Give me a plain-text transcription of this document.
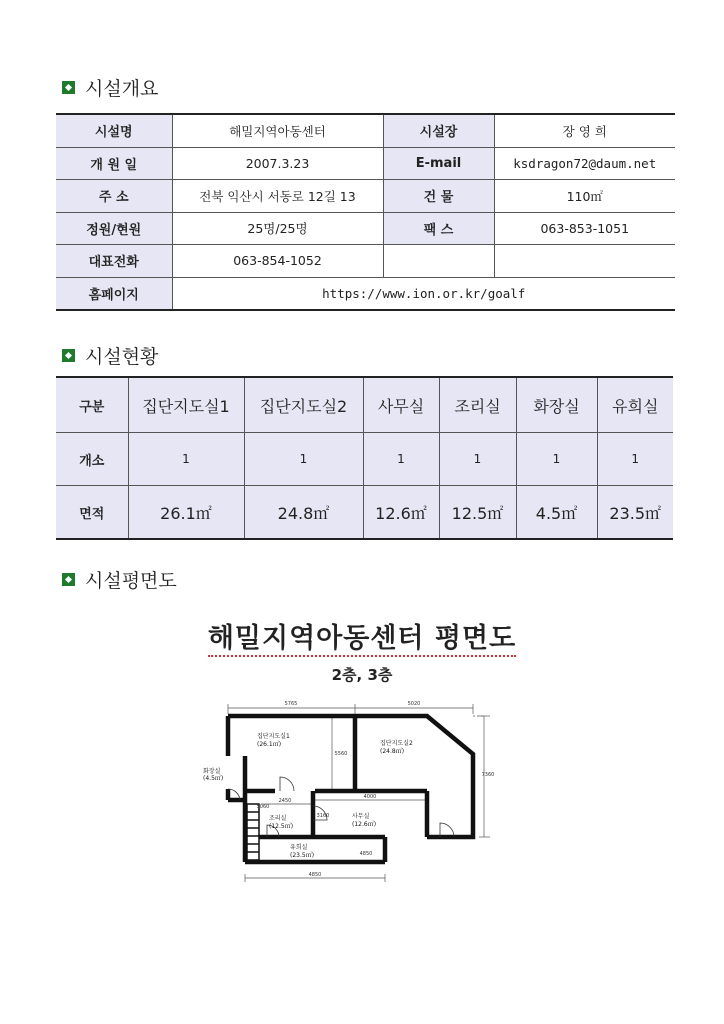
시설개요
시설명	해밀지역아동센터	시설장	장 영 희
개 원 일	2007.3.23	E-mail	ksdragon72@daum.net
주 소	전북 익산시 서동로 12길 13	건 물	110㎡
정원/현원	25명/25명	팩 스	063-853-1051
대표전화	063-854-1052		
홈페이지	https://www.ion.or.kr/goalf		
시설현황
구분	집단지도실1	집단지도실2	사무실	조리실	화장실	유희실
개소	1	1	1	1	1	1
면적	26.1㎡	24.8㎡	12.6㎡	12.5㎡	4.5㎡	23.5㎡
시설평면도
해밀지역아동센터 평면도
2층, 3층
5765	5020
7360
5560
5060
2450
4000
3160
4850
4850
집단지도실1
(26.1㎡)	집단지도실2
(24.8㎡)
화장실
(4.5㎡)
조리실
(12.5㎡)
사무실
(12.6㎡)
유희실
(23.5㎡)
